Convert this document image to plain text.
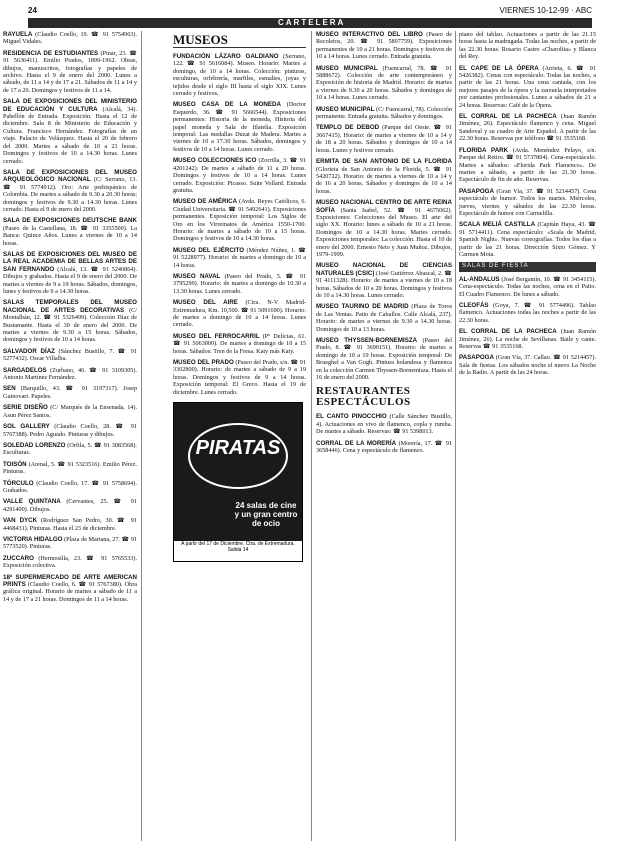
24	VIERNES 10-12-99 · ABC
CARTELERA

RAYUELA (Claudio Coello, 19. ☎ 91 5754963). Miguel Vidales.

RESIDENCIA DE ESTUDIANTES (Pinar, 23. ☎ 91 5636411). Emilio Prados, 1899-1962. Obras, dibujos, manuscritos, fotografías y papeles de archivo. Hasta el 9 de enero del 2000. Lunes a sábado, de 11 a 14 y de 17 a 21. Sábados de 11 a 14 y de 17 a 20. Domingos y festivos de 11 a 14.

SALA DE EXPOSICIONES DEL MINISTERIO DE EDUCACIÓN Y CULTURA (Alcalá, 34). Pabellón de Entrada. Exposición. Hasta el 12 de diciembre. Sala 8 de Ministerio de Educación y Cultura. Francisco Hernández. Fotografías de un viaje. Palacio de Velázquez. Hasta el 20 de febrero del 2000. Martes a sábado de 10 a 21 horas. Domingos y festivos de 10 a 14.30 horas. Lunes cerrado.

SALA DE EXPOSICIONES DEL MUSEO ARQUEOLÓGICO NACIONAL (C/ Serrano, 13. ☎ 91 5774912). Oro: Arte prehispánico de Colombia. De martes a sábado de 9.30 a 20.30 horas; domingos y festivos de 9.30 a 14.30 horas. Lunes cerrado. Hasta el 9 de enero del 2000.

SALA DE EXPOSICIONES DEUTSCHE BANK (Paseo de la Castellana, 18. ☎ 91 3355500). La Banca: Quince Años. Lunes a viernes de 10 a 14 horas.

SALAS DE EXPOSICIONES DEL MUSEO DE LA REAL ACADEMIA DE BELLAS ARTES DE SAN FERNANDO (Alcalá, 13. ☎ 91 5240864). Dibujos y grabados. Hasta el 9 de enero del 2000. De martes a viernes de 9 a 19 horas. Sábados, domingos, lunes y festivos de 9 a 14.30 horas.

SALAS TEMPORALES DEL MUSEO NACIONAL DE ARTES DECORATIVAS (C/ Montalbán, 12. ☎ 91 5326499). Colección Díaz de Bustamante. Hasta el 30 de enero del 2000. De martes a viernes de 9.30 a 15 horas. Sábados, domingos y festivos de 10 a 14 horas.

SALVADOR DÍAZ (Sánchez Bustillo, 7. ☎ 91 5277432). Oscar Villalba.

SARGADELOS (Zurbano, 46. ☎ 91 3109305). Antonio Martínez Fernández.

SEN (Barquillo, 43. ☎ 91 3197317). Josep Guinovart. Papeles.

SERIE DISEÑO (C/ Marqués de la Ensenada, 14). Asun Pérez Santos.

SOL GALLERY (Claudio Coello, 28. ☎ 91 5767388). Pedro Aguado. Pinturas y dibujos.

SOLEDAD LORENZO (Orfila, 5. ☎ 91 3083568). Esculturas.

TOISÓN (Arenal, 5. ☎ 91 5323516). Emilio Pérez. Pinturas.

TÓRCULO (Claudio Coello, 17. ☎ 91 5758694). Grabados.

VALLE QUINTANA (Cervantes, 25. ☎ 91 4291400). Dibujos.

VAN DYCK (Rodríguez San Pedro, 30. ☎ 91 4468431). Pinturas. Hasta el 23 de diciembre.

VICTORIA HIDALGO (Plaza de Mariana, 27. ☎ 91 5773520). Pinturas.

ZUCCARO (Hermosilla, 23. ☎ 91 5765533). Exposición colectiva.

18ª SUPERMERCADO DE ARTE AMERICAN PRINTS (Claudio Coello, 6. ☎ 91 5767380). Obra gráfica original. Horario de martes a sábado de 11 a 14 y de 17 a 21 horas. Domingos de 11 a 14 horas.

MUSEOS

FUNDACIÓN LÁZARO GALDIANO (Serrano, 122. ☎ 91 5616084). Museo. Horario: Martes a domingo, de 10 a 14 horas. Colección: pinturas, esculturas, orfebrería, marfiles, esmaltes, joyas y tejidos desde el siglo III hasta el siglo XIX. Lunes cerrado y festivos.

MUSEO CASA DE LA MONEDA (Doctor Esquerdo, 36. ☎ 91 5666544). Exposiciones permanentes: Historia de la moneda, Historia del papel moneda y Sala de filatelia. Exposición temporal: Las medallas Duzat de Madera. Martes a viernes de 10 a 17.30 horas. Sábados, domingos y festivos de 10 a 14 horas. Lunes cerrado.

MUSEO COLECCIONES ICO (Zorrilla, 3. ☎ 91 4201242). De martes a sábado de 11 a 20 horas. Domingos y festivos de 10 a 14 horas. Lunes cerrado. Exposición: Picasso. Suite Vollard. Entrada gratuita.

MUSEO DE AMÉRICA (Avda. Reyes Católicos, 6. Ciudad Universitaria. ☎ 91 5492641). Exposiciones permanentes. Exposición temporal: Los Siglos de Oro en los Virreinatos de América 1550-1700. Horario: de martes a sábado de 10 a 15 horas. Domingos y festivos de 10 a 14.30 horas.

MUSEO DEL EJÉRCITO (Méndez Núñez, 1. ☎ 91 5228977). Horario: de martes a domingo de 10 a 14 horas.

MUSEO NAVAL (Paseo del Prado, 5. ☎ 91 3795299). Horario: de martes a domingo de 10.30 a 13.30 horas. Lunes cerrado.

MUSEO DEL AIRE (Ctra. N-V Madrid-Extremadura, Km. 10,500. ☎ 91 5091690). Horario: de martes a domingo de 10 a 14 horas. Lunes cerrado.

MUSEO DEL FERROCARRIL (Pº Delicias, 61. ☎ 91 5063000). De martes a domingo de 10 a 15 horas. Sábados: Tren de la Fresa. Katy más Katy.

MUSEO DEL PRADO (Paseo del Prado, s/n. ☎ 91 3302800). Horario: de martes a sábado de 9 a 19 horas. Domingos y festivos de 9 a 14 horas. Exposición temporal: El Greco. Hasta el 19 de diciembre. Lunes cerrado.

PIRATAS
24 salas de cine y un gran centro de ocio
A partir del 17 de Diciembre. Ctra. de Extremadura. Salida 14

MUSEO INTERACTIVO DEL LIBRO (Paseo de Recoletos, 20. ☎ 91 5807759). Exposiciones permanentes de 10 a 21 horas. Domingos y festivos de 10 a 14 horas. Lunes cerrado. Entrada gratuita.

MUSEO MUNICIPAL (Fuencarral, 78. ☎ 91 5888672). Colección de arte contemporáneo y Exposición de historia de Madrid. Horario: de martes a viernes de 9.30 a 20 horas. Sábados y domingos de 10 a 14 horas. Lunes cerrado.

MUSEO MUNICIPAL (C/ Fuencarral, 78). Colección permanente. Entrada gratuita. Sábados y domingos.

TEMPLO DE DEBOD (Parque del Oeste. ☎ 91 3667415). Horario: de martes a viernes de 10 a 14 y de 18 a 20 horas. Sábados y domingos de 10 a 14 horas. Lunes y festivos cerrado.

ERMITA DE SAN ANTONIO DE LA FLORIDA (Glorieta de San Antonio de la Florida, 5. ☎ 91 5420722). Horario: de martes a viernes de 10 a 14 y de 16 a 20 horas. Sábados y domingos de 10 a 14 horas.

MUSEO NACIONAL CENTRO DE ARTE REINA SOFÍA (Santa Isabel, 52. ☎ 91 4675062). Exposiciones: Colecciones del Museo. El arte del siglo XX. Horario: lunes a sábado de 10 a 21 horas. Domingos de 10 a 14.30 horas. Martes cerrado. Exposiciones temporales: La colección. Hasta el 10 de enero del 2000. Ernesto Neto y Juan Muñoz. Dibujos, 1979-1999.

MUSEO NACIONAL DE CIENCIAS NATURALES (CSIC) (José Gutiérrez Abascal, 2. ☎ 91 4111328). Horario: de martes a viernes de 10 a 18 horas. Sábados de 10 a 20 horas. Domingos y festivos de 10 a 14.30 horas. Lunes cerrado.

MUSEO TAURINO DE MADRID (Plaza de Toros de Las Ventas. Patio de Caballos. Calle Alcalá, 237). Horario: de martes a viernes de 9.30 a 14.30 horas. Domingos de 10 a 13 horas.

MUSEO THYSSEN-BORNEMISZA (Paseo del Prado, 8. ☎ 91 3690151). Horario: de martes a domingo de 10 a 19 horas. Exposición temporal: De Brueghel a Van Gogh. Pintura holandesa y flamenca en la colección Carmen Thyssen-Bornemisza. Hasta el 16 de enero del 2000.

RESTAURANTES ESPECTÁCULOS

EL CANTO PINOCCHIO (Calle Sánchez Bustillo, 4). Actuaciones en vivo de flamenco, copla y rumba. De martes a sábado. Reservas: ☎ 91 5398013.

CORRAL DE LA MORERÍA (Morería, 17. ☎ 91 3658446). Cena y espectáculo de flamenco.

piano del tablao. Actuaciones a partir de las 21.15 horas hasta la madrugada. Todas las noches, a partir de las 22.30 horas. Rosario Castro «Charolita» y Blanca del Rey.

EL CAPE DE LA ÓPERA (Arrieta, 6. ☎ 91 5426382). Cenas con espectáculo. Todas las noches, a partir de las 21 horas. Una cena cantada, con los mejores pasajes de la ópera y la zarzuela interpretados por cantantes profesionales. Lunes a sábados de 21 a 24 horas. Reservas: Café de la Ópera.

EL CORRAL DE LA PACHECA (Juan Ramón Jiménez, 26). Espectáculo flamenco y cena. Miguel Sandoval y su cuadro de Arte Español. A partir de las 22.30 horas. Reservas por teléfono ☎ 91 3535168.

FLORIDA PARK (Avda. Menéndez Pelayo, s/n. Parque del Retiro. ☎ 91 5737804). Cena-espectáculo. Martes a sábados: «Florida Park Flamenco». De martes a sábado, a partir de las 21.30 horas. Espectáculo de fin de año. Reservas.

PASAPOGA (Gran Vía, 37. ☎ 91 5214457). Cena espectáculo de humor. Todos los martes. Miércoles, jueves, viernes y sábados de las 22.30 horas. Espectáculo de humor con Carmelilla.

SCALA MELIÁ CASTILLA (Capitán Haya, 43. ☎ 91 5714411). Cena espectáculo: «Scala de Madrid, Spanish Night». Nuevas coreografías. Todos los días a partir de las 21 horas. Dirección Sixto Gómez. Y Carmen Mota.

SALAS DE FIESTA

AL-ANDALUS (José Bergamín, 10. ☎ 91 3454115). Cena-espectáculo. Todas las noches, cena en el Patio. El Cuadro Flamenco. De lunes a sábado.

CLEOFÁS (Goya, 7. ☎ 91 5774496). Tablao flamenco. Actuaciones todas las noches a partir de las 22.30 horas.

EL CORRAL DE LA PACHECA (Juan Ramón Jiménez, 26). La noche de Sevillanas. Baile y cante. Reservas ☎ 91 3535168.

PASAPOGA (Gran Vía, 37. Callao. ☎ 91 5214457). Sala de fiestas. Los sábados noche el nuevo La Noche de la Radio. A partir de las 24 horas.
